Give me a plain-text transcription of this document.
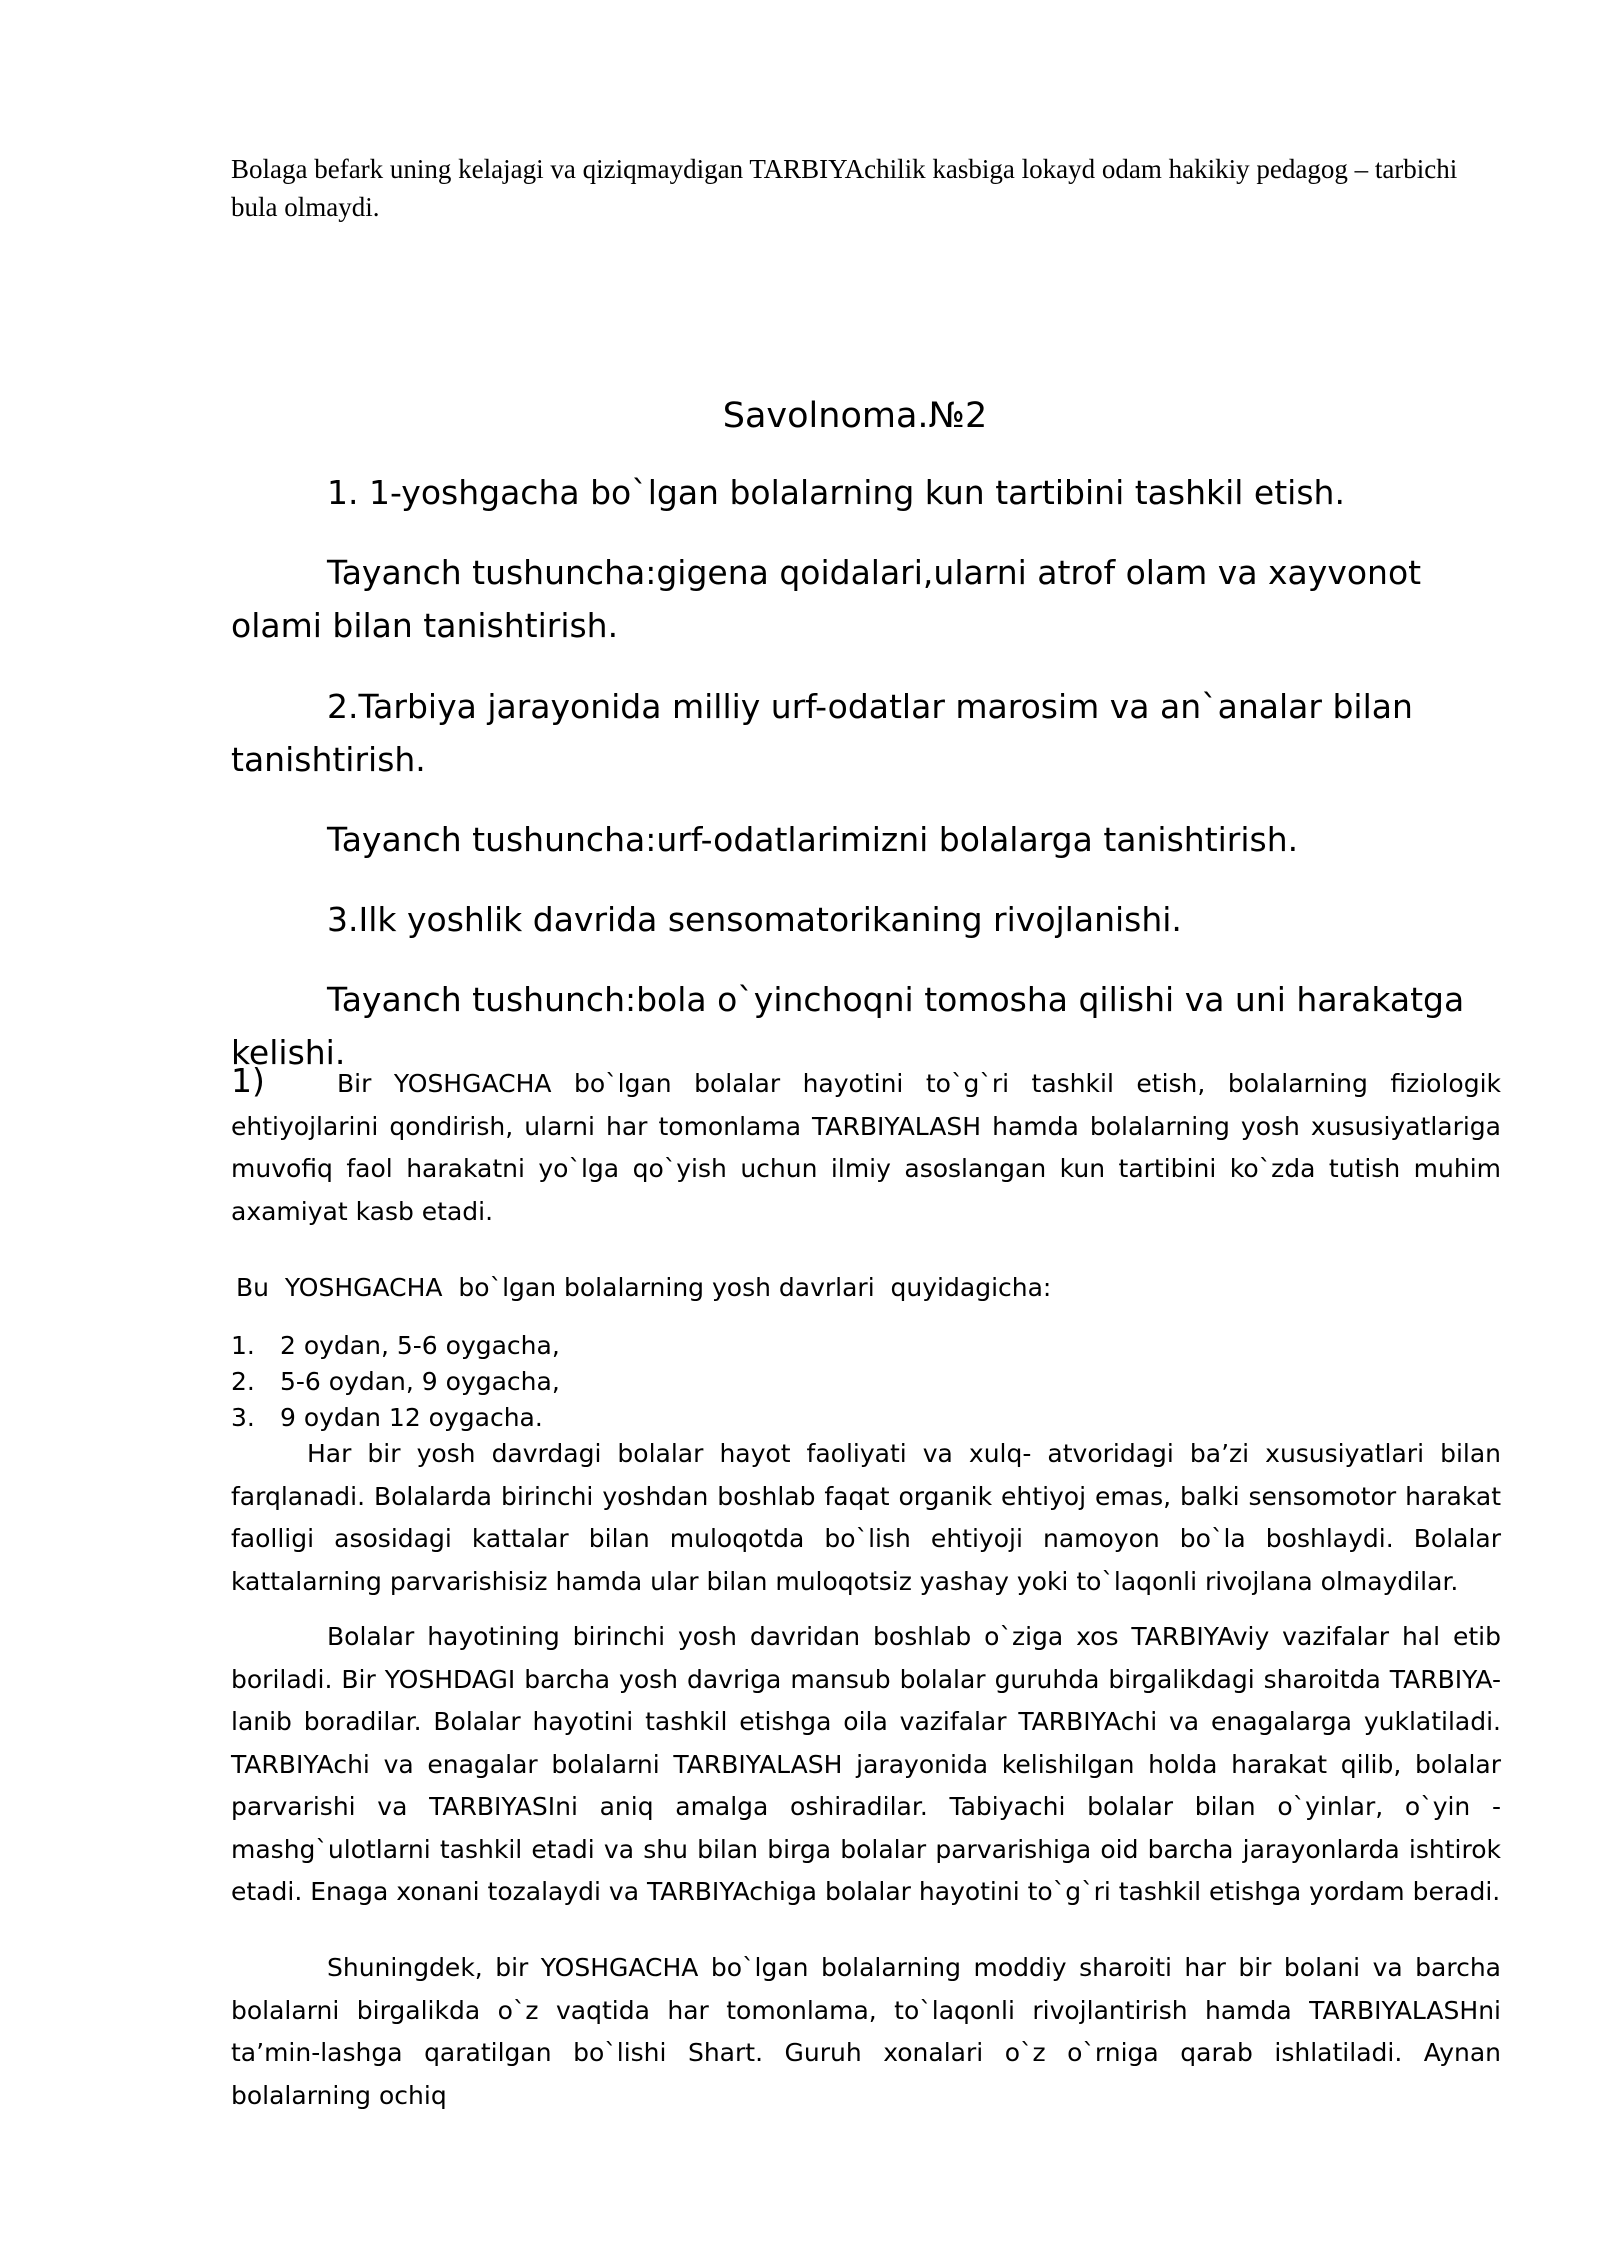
Bolaga befark uning kelajagi va qiziqmaydigan TARBIYAchilik kasbiga lokayd odam hakikiy pedagog – tarbichi bula olmaydi.

Savolnoma.№2

1. 1-yoshgacha bo`lgan bolalarning kun tartibini tashkil etish.

Tayanch tushuncha:gigena qoidalari,ularni atrof olam va xayvonot olami bilan tanishtirish.

2.Tarbiya jarayonida milliy urf-odatlar marosim va an`analar bilan tanishtirish.

Tayanch tushuncha:urf-odatlarimizni bolalarga tanishtirish.

3.Ilk yoshlik davrida sensomatorikaning rivojlanishi.

Tayanch tushunch:bola o`yinchoqni tomosha qilishi va uni harakatga kelishi.

1)	Bir YOSHGACHA bo`lgan bolalar hayotini to`g`ri tashkil etish, bolalarning fiziologik ehtiyojlarini qondirish, ularni har tomonlama TARBIYALASH hamda bolalarning yosh xususiyatlariga muvofiq faol harakatni yo`lga qo`yish uchun ilmiy asoslangan kun tartibini ko`zda tutish muhim axamiyat kasb etadi.

Bu  YOSHGACHA  bo`lgan bolalarning yosh davrlari  quyidagicha:

1.	2 oydan, 5-6 oygacha,
2.	5-6 oydan, 9 oygacha,
3.	9 oydan 12 oygacha.

Har bir yosh davrdagi bolalar hayot faoliyati va xulq- atvoridagi ba’zi xususiyatlari bilan farqlanadi. Bolalarda birinchi yoshdan boshlab faqat organik ehtiyoj emas, balki sensomotor harakat faolligi asosidagi kattalar bilan muloqotda bo`lish ehtiyoji namoyon bo`la boshlaydi. Bolalar kattalarning parvarishisiz hamda ular bilan muloqotsiz yashay yoki to`laqonli rivojlana olmaydilar.

Bolalar hayotining birinchi yosh davridan boshlab o`ziga xos TARBIYAviy vazifalar hal etib boriladi. Bir YOSHDAGI barcha yosh davriga mansub bolalar guruhda birgalikdagi sharoitda TARBIYA-lanib boradilar. Bolalar hayotini tashkil etishga oila vazifalar TARBIYAchi va enagalarga yuklatiladi. TARBIYAchi va enagalar bolalarni TARBIYALASH jarayonida kelishilgan holda harakat qilib, bolalar parvarishi va TARBIYASIni aniq amalga oshiradilar. Tabiyachi bolalar bilan o`yinlar, o`yin - mashg`ulotlarni tashkil etadi va shu bilan birga bolalar parvarishiga oid barcha jarayonlarda ishtirok etadi. Enaga xonani tozalaydi va TARBIYAchiga bolalar hayotini to`g`ri tashkil etishga yordam beradi.

Shuningdek, bir YOSHGACHA bo`lgan bolalarning moddiy sharoiti har bir bolani va barcha bolalarni birgalikda o`z vaqtida har tomonlama, to`laqonli rivojlantirish hamda TARBIYALASHni ta’min-lashga qaratilgan bo`lishi Shart. Guruh xonalari o`z o`rniga qarab ishlatiladi. Aynan bolalarning ochiq
